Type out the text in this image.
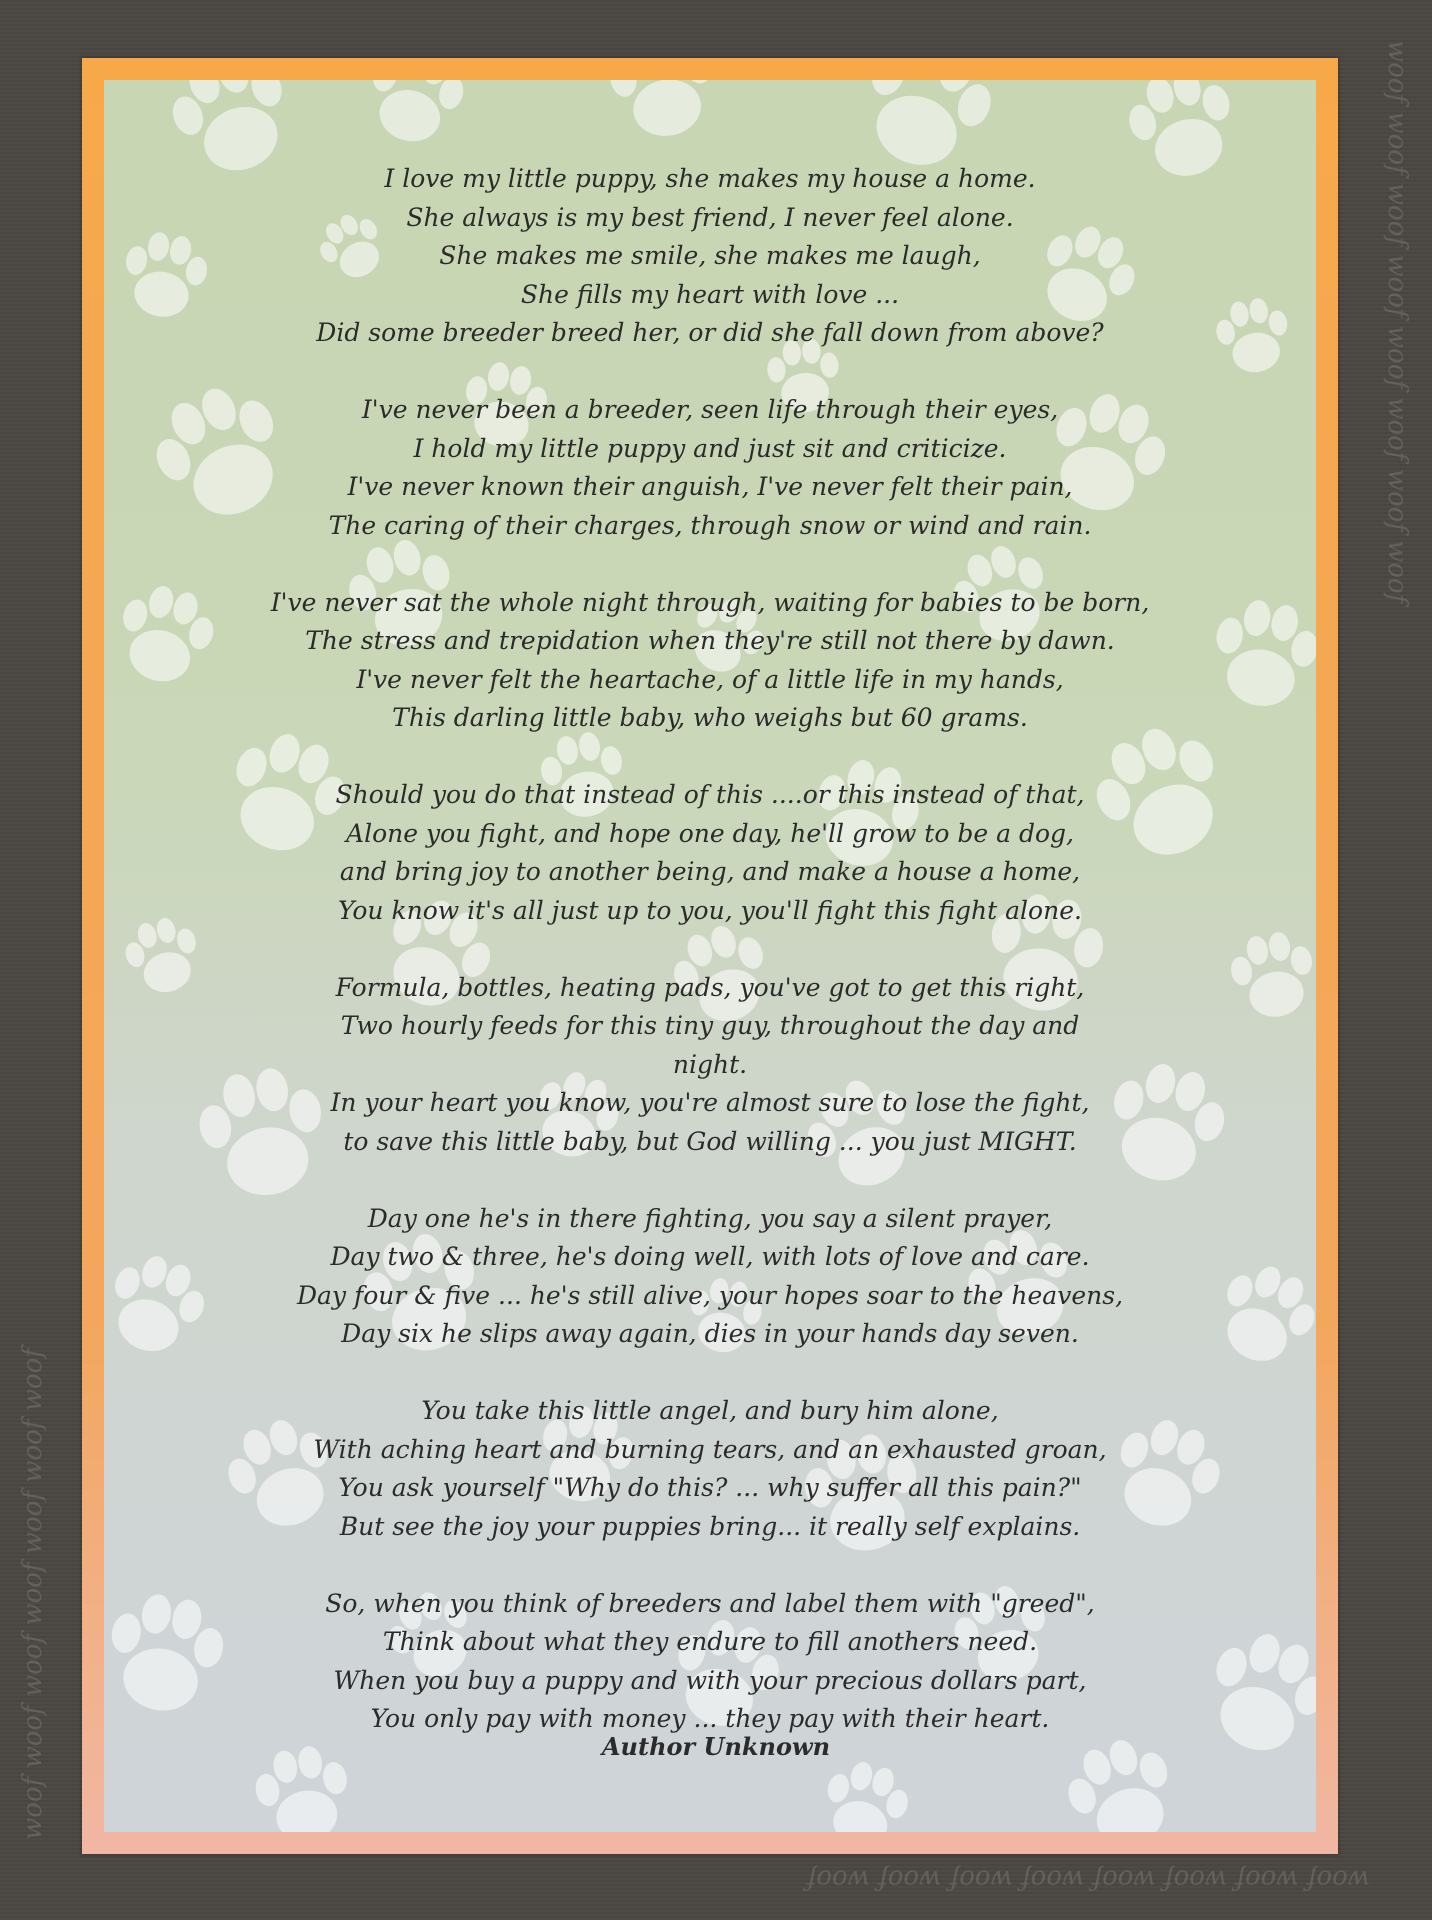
woof woof woof woof woof woof woof
woof woof woof woof woof woof woof woof
woof woof woof woof woof woof woof woof
I love my little puppy, she makes my house a home.
She always is my best friend, I never feel alone.
She makes me smile, she makes me laugh,
She fills my heart with love ...
Did some breeder breed her, or did she fall down from above?
I've never been a breeder, seen life through their eyes,
I hold my little puppy and just sit and criticize.
I've never known their anguish, I've never felt their pain,
The caring of their charges, through snow or wind and rain.
I've never sat the whole night through, waiting for babies to be born,
The stress and trepidation when they're still not there by dawn.
I've never felt the heartache, of a little life in my hands,
This darling little baby, who weighs but 60 grams.
Should you do that instead of this ....or this instead of that,
Alone you fight, and hope one day, he'll grow to be a dog,
and bring joy to another being, and make a house a home,
You know it's all just up to you, you'll fight this fight alone.
Formula, bottles, heating pads, you've got to get this right,
Two hourly feeds for this tiny guy, throughout the day and
night.
In your heart you know, you're almost sure to lose the fight,
to save this little baby, but God willing ... you just MIGHT.
Day one he's in there fighting, you say a silent prayer,
Day two & three, he's doing well, with lots of love and care.
Day four & five ... he's still alive, your hopes soar to the heavens,
Day six he slips away again, dies in your hands day seven.
You take this little angel, and bury him alone,
With aching heart and burning tears, and an exhausted groan,
You ask yourself "Why do this? ... why suffer all this pain?"
But see the joy your puppies bring... it really self explains.
So, when you think of breeders and label them with "greed",
Think about what they endure to fill anothers need.
When you buy a puppy and with your precious dollars part,
You only pay with money ... they pay with their heart.
Author Unknown
